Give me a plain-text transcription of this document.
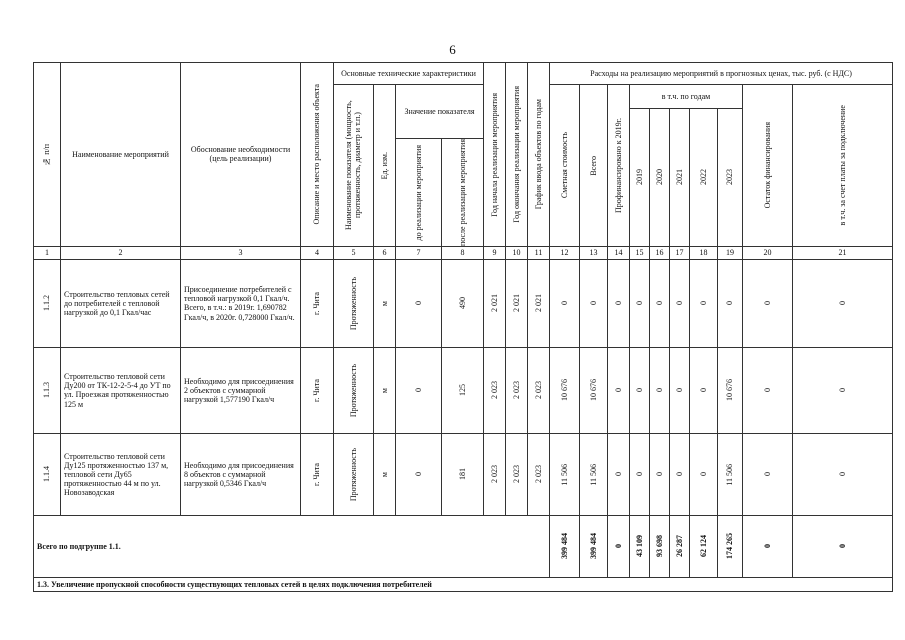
6
№ п/п	Наименование мероприятий	Обоснование необходимости (цель реализации)	Описание и место расположения объекта	Основные технические характеристики				Год начала реализации мероприятия	Год окончания реализации мероприятия	График ввода объектов по годам	Расходы на реализацию мероприятий в прогнозных ценах, тыс. руб. (с НДС)									

				Наименование показателя (мощность, протяженность, диаметр и т.п.)	Ед. изм.	Значение показателя					Сметная стоимость	Всего	Профинансировано к 2019г.	в т.ч. по годам					Остаток финансирования	в т.ч. за счет платы за подключение

														2019	2020	2021	2022	2023		

						до реализации мероприятия	после реализации мероприятия													

1	2	3	4	5	6	7	8	9	10	11	12	13	14	15	16	17	18	19	20	21

1.1.2	Строительство тепловых сетей до потребителей с тепловой нагрузкой до 0,1 Гкал/час	Присоединение потребителей с тепловой нагрузкой 0,1 Гкал/ч. Всего, в т.ч.: в 2019г. 1,690782 Гкал/ч, в 2020г. 0,728000 Гкал/ч.	г. Чита	Протяженность	м	0	490	2 021	2 021	2 021	0	0	0	0	0	0	0	0	0	0

1.1.3	Строительство тепловой сети Ду200 от ТК-12-2-5-4 до УТ по ул. Проезжая протяженностью 125 м	Необходимо для присоединения 2 объектов с суммарной нагрузкой 1,577190 Гкал/ч	г. Чита	Протяженность	м	0	125	2 023	2 023	2 023	10 676	10 676	0	0	0	0	0	10 676	0	0

1.1.4	Строительство тепловой сети Ду125 протяженностью 137 м, тепловой сети Ду65 протяженностью 44 м по ул. Новозаводская	Необходимо для присоединения 8 объектов с суммарной нагрузкой 0,5346 Гкал/ч	г. Чита	Протяженность	м	0	181	2 023	2 023	2 023	11 506	11 506	0	0	0	0	0	11 506	0	0

Всего по подгруппе 1.1.											399 484	399 484	0	43 109	93 698	26 287	62 124	174 265	0	0

1.3. Увеличение пропускной способности существующих тепловых сетей в целях подключения потребителей																				
